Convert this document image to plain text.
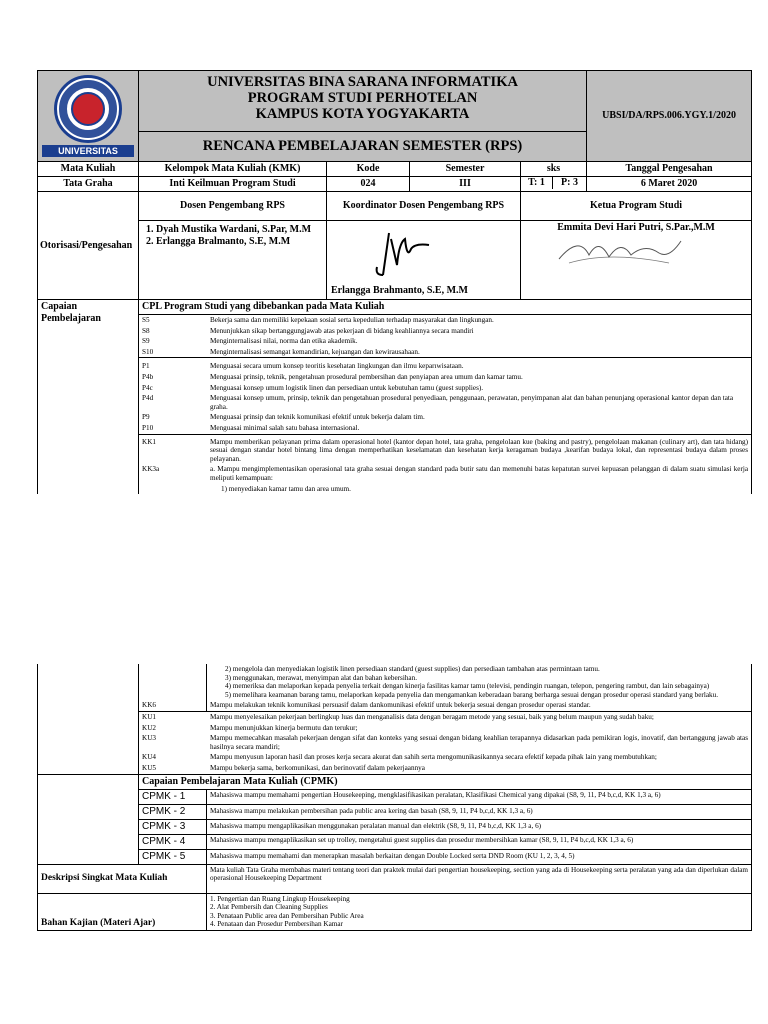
UNIVERSITAS

UNIVERSITAS BINA SARANA INFORMATIKA
PROGRAM STUDI PERHOTELAN
KAMPUS KOTA YOGYAKARTA	UBSI/DA/RPS.006.YGY.1/2020
RENCANA PEMBELAJARAN SEMESTER (RPS)
Mata Kuliah	Kelompok Mata Kuliah (KMK)	Kode	Semester	sks	Tanggal Pengesahan
Tata Graha	Inti Keilmuan Program Studi	024	III	T: 1 P: 3	6 Maret 2020
Otorisasi/Pengesahan	Dosen Pengembang RPS	Koordinator Dosen Pengembang RPS	Ketua Program Studi

1. Dyah Mustika Wardani, S.Par, M.M
2. Erlangga Bralmanto, S.E, M.M

Erlangga Brahmanto, S.E, M.M

Emmita Devi Hari Putri, S.Par.,M.M

Capaian Pembelajaran	CPL Program Studi yang dibebankan pada Mata Kuliah

S5	Bekerja sama dan memiliki kepekaan sosial serta kepedulian terhadap masyarakat dan lingkungan.
S8	Menunjukkan sikap bertanggungjawab atas pekerjaan di bidang keahliannya secara mandiri
S9	Menginternalisasi nilai, norma dan etika akademik.
S10	Menginternalisasi semangat kemandirian, kejuangan dan kewirausahaan.

P1	Menguasai secara umum konsep teoritis kesehatan lingkungan dan ilmu keparıwisataan.
P4b	Menguasai prinsip, teknik, pengetahuan prosedural pembersihan dan penyiapan area umum dan kamar tamu.
P4c	Menguasai konsep umum logistik linen dan persediaan untuk kebutuhan tamu (guest supplies).
P4d	Menguasai konsep umum, prinsip, teknik dan pengetahuan prosedural penyediaan, penggunaan, perawatan, penyimpanan alat dan bahan penunjang operasional kantor depan dan tata graha.
P9	Menguasai prinsip dan teknik komunikasi efektif untuk bekerja dalam tim.
P10	Menguasai minimal salah satu bahasa internasional.

KK1	Mampu memberikan pelayanan prima dalam operasional hotel (kantor depan hotel, tata graha, pengelolaan kue (baking and pastry), pengelolaan makanan (culinary art), dan tata hidang) sesuai dengan standar hotel bintang lima dengan memperhatikan keselamatan dan kesehatan kerja keragaman budaya ,kearifan budaya lokal, dan representasi budaya dalam proses pelayanan.
KK3a	a. Mampu mengimplementasikan operasional tata graha sesuai dengan standard pada butir satu dan memenuhi batas kepatutan survei kepuasan pelanggan di dalam suatu simulasi kerja meliputi kemampuan:
	1) menyediakan kamar tamu dan area umum.

2) mengelola dan menyediakan logistik linen persediaan standard (guest supplies) dan persediaan tambahan atas permintaan tamu.
3) menggunakan, merawat, menyimpan alat dan bahan kebersihan.
4) memeriksa dan melaporkan kepada penyelia terkait dengan kinerja fasilitas kamar tamu (televisi, pendingin ruangan, telepon, pengering rambut, dan lain sebagainya)
5) memelihara keamanan barang tamu, melaporkan kepada penyelia dan mengamankan keberadaan barang berharga sesuai dengan prosedur operasi standard yang berlaku.

KK6	Mampu melakukan teknik komunikasi persuasif dalam dankomunikasi efektif untuk bekerja sesuai dengan prosedur operasi standar.

KU1	Mampu menyelesaikan pekerjaan berlingkup luas dan menganalisis data dengan beragam metode yang sesuai, baik yang belum maupun yang sudah baku;
KU2	Mampu menunjukkan kinerja bermutu dan terukur;
KU3	Mampu memecahkan masalah pekerjaan dengan sifat dan konteks yang sesuai dengan bidang keahlian terapannya didasarkan pada pemikiran logis, inovatif, dan bertanggung jawab atas hasilnya secara mandiri;
KU4	Mampu menyusun laporan hasil dan proses kerja secara akurat dan sahih serta mengomunikasikannya secara efektif kepada pihak lain yang membutuhkan;
KU5	Mampu bekerja sama, berkomunikasi, dan berinovatif dalam pekerjaannya

	Capaian Pembelajaran Mata Kuliah (CPMK)
CPMK - 1	Mahasiswa mampu memahami pengertian Housekeeping, mengklasifikasikan peralatan, Klasifikasi Chemical yang dipakai (S8, 9, 11, P4 b,c,d, KK 1,3 a, 6)
CPMK - 2	Mahasiswa mampu melakukan pembersihan pada public area kering dan basah (S8, 9, 11, P4 b,c,d, KK 1,3 a, 6)
CPMK - 3	Mahasiswa mampu mengaplikasikan menggunakan peralatan manual dan elektrik (S8, 9, 11, P4 b,c,d, KK 1,3 a, 6)
CPMK - 4	Mahasiswa mampu mengaplikasikan set up trolley, mengetahui guest supplies dan prosedur membersihkan kamar (S8, 9, 11, P4 b,c,d, KK 1,3 a, 6)
CPMK - 5	Mahasiswa mampu memahami dan menerapkan masalah berkaitan dengan Double Locked serta DND Room (KU 1, 2, 3, 4, 5)
Deskripsi Singkat Mata Kuliah	Mata kuliah Tata Graha membahas materi tentang teori dan praktek mulai dari pengertian housekeeping, section yang ada di Housekeeping serta peralatan yang ada dan diperlukan dalam operasional Housekeeping Department
Bahan Kajian (Materi Ajar)	
1. Pengertian dan Ruang Lingkup Housekeeping
2. Alat Pembersih dan Cleaning Supplies
3. Penataan Public area dan Pembersihan Public Area
4. Penataan dan Prosedur Pembersihan Kamar
